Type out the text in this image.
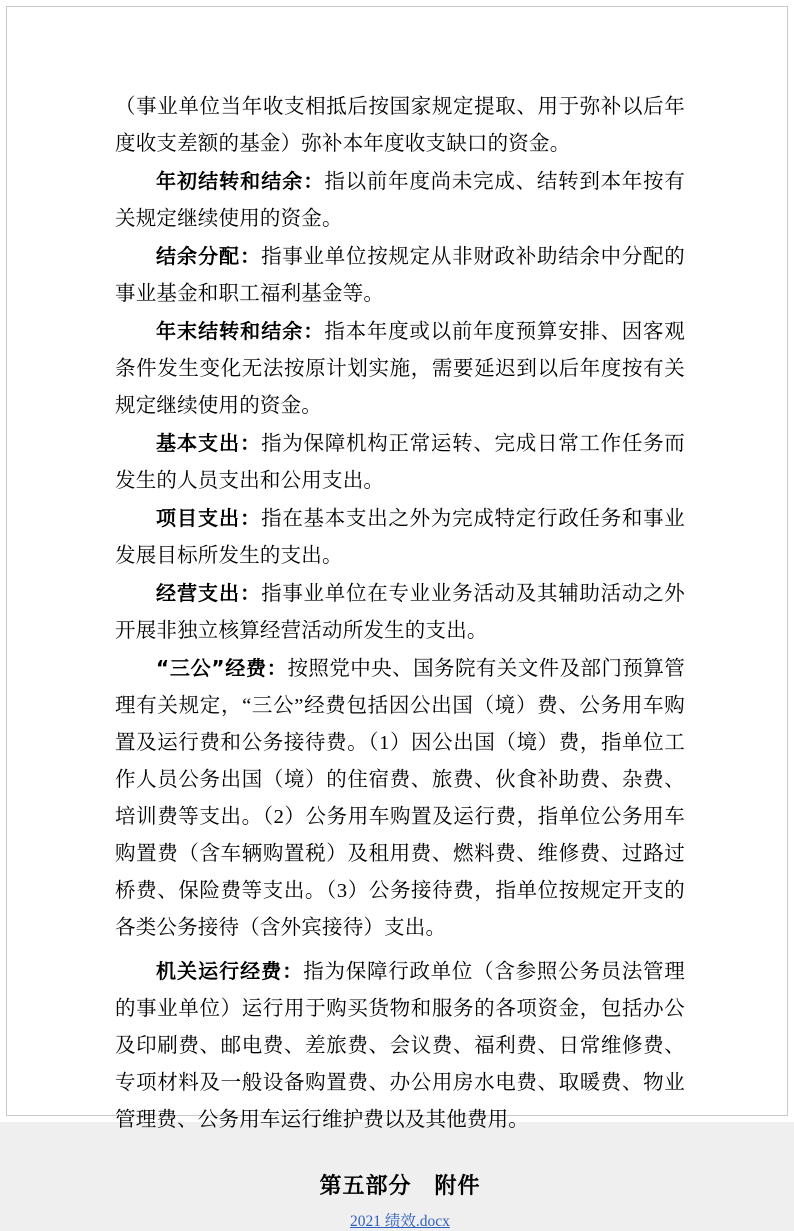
（事业单位当年收支相抵后按国家规定提取、用于弥补以后年度收支差额的基金）弥补本年度收支缺口的资金。

年初结转和结余：指以前年度尚未完成、结转到本年按有关规定继续使用的资金。

结余分配：指事业单位按规定从非财政补助结余中分配的事业基金和职工福利基金等。

年末结转和结余：指本年度或以前年度预算安排、因客观条件发生变化无法按原计划实施，需要延迟到以后年度按有关规定继续使用的资金。

基本支出：指为保障机构正常运转、完成日常工作任务而发生的人员支出和公用支出。

项目支出：指在基本支出之外为完成特定行政任务和事业发展目标所发生的支出。

经营支出：指事业单位在专业业务活动及其辅助活动之外开展非独立核算经营活动所发生的支出。

“三公”经费：按照党中央、国务院有关文件及部门预算管理有关规定，“三公”经费包括因公出国（境）费、公务用车购置及运行费和公务接待费。（1）因公出国（境）费，指单位工作人员公务出国（境）的住宿费、旅费、伙食补助费、杂费、培训费等支出。（2）公务用车购置及运行费，指单位公务用车购置费（含车辆购置税）及租用费、燃料费、维修费、过路过桥费、保险费等支出。（3）公务接待费，指单位按规定开支的各类公务接待（含外宾接待）支出。

机关运行经费：指为保障行政单位（含参照公务员法管理的事业单位）运行用于购买货物和服务的各项资金，包括办公及印刷费、邮电费、差旅费、会议费、福利费、日常维修费、专项材料及一般设备购置费、办公用房水电费、取暖费、物业管理费、公务用车运行维护费以及其他费用。

第五部分　附件

2021 绩效.docx
